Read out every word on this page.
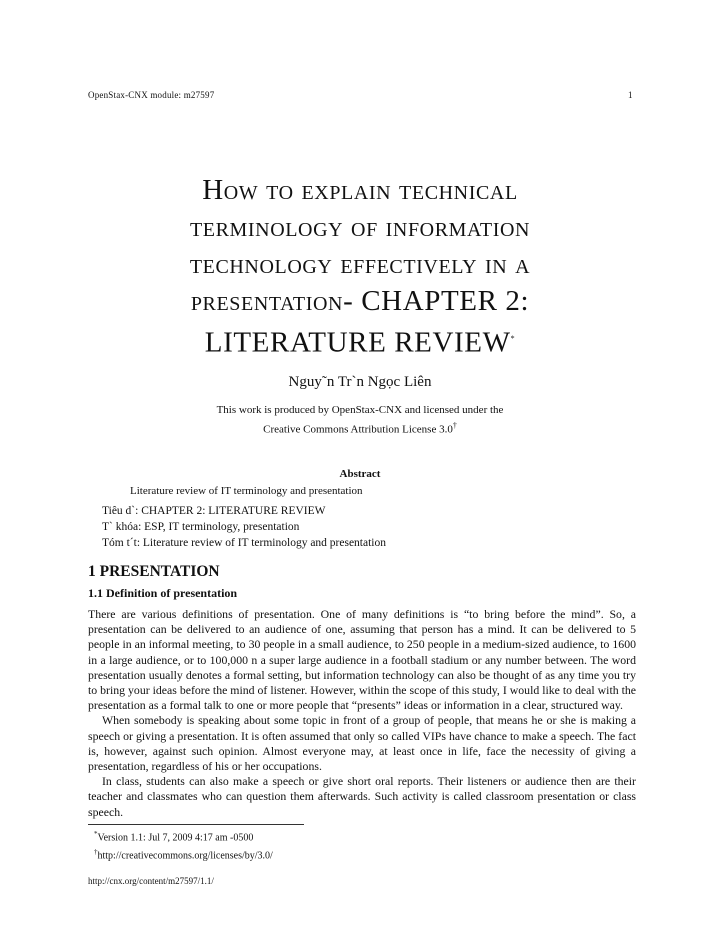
OpenStax-CNX module: m27597	1
How to explain technical
terminology of information
technology effectively in a
presentation- CHAPTER 2:
LITERATURE REVIEW*
Nguy˜n Tr`n Ngọc Liên
This work is produced by OpenStax-CNX and licensed under the
Creative Commons Attribution License 3.0†
Abstract
Literature review of IT terminology and presentation
Tiêu d`: CHAPTER 2: LITERATURE REVIEW
T` khóa: ESP, IT terminology, presentation
Tóm t´t: Literature review of IT terminology and presentation
1 PRESENTATION
1.1 Definition of presentation

There are various definitions of presentation. One of many definitions is “to bring before the mind”. So, a presentation can be delivered to an audience of one, assuming that person has a mind. It can be delivered to 5 people in an informal meeting, to 30 people in a small audience, to 250 people in a medium-sized audience, to 1600 in a large audience, or to 100,000 n a super large audience in a football stadium or any number between. The word presentation usually denotes a formal setting, but information technology can also be thought of as any time you try to bring your ideas before the mind of listener. However, within the scope of this study, I would like to deal with the presentation as a formal talk to one or more people that “presents” ideas or information in a clear, structured way.

When somebody is speaking about some topic in front of a group of people, that means he or she is making a speech or giving a presentation. It is often assumed that only so called VIPs have chance to make a speech. The fact is, however, against such opinion. Almost everyone may, at least once in life, face the necessity of giving a presentation, regardless of his or her occupations.

In class, students can also make a speech or give short oral reports. Their listeners or audience then are their teacher and classmates who can question them afterwards. Such activity is called classroom presentation or class speech.

*Version 1.1: Jul 7, 2009 4:17 am -0500
†http://creativecommons.org/licenses/by/3.0/
http://cnx.org/content/m27597/1.1/
